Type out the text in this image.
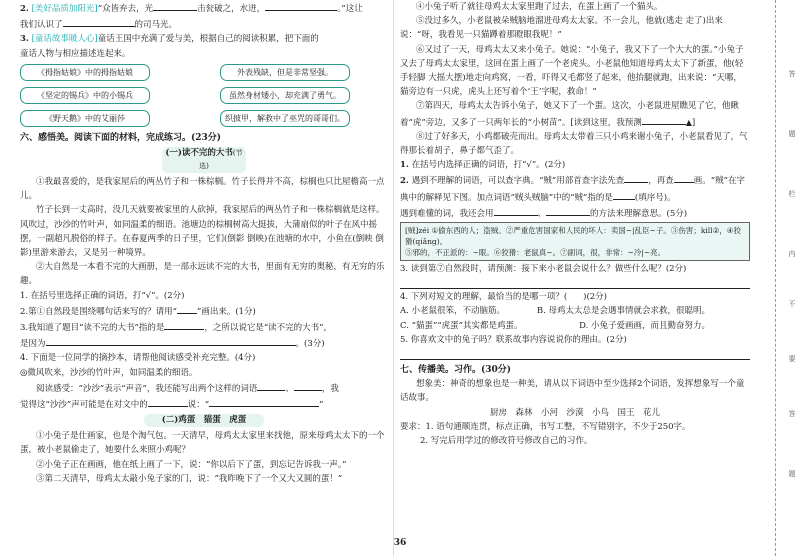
2. [美好品质加阳光]“众皆弃去，光	击瓮破之，水迸，	。”这让
我们认识了	的司马光。

3. [童话故事暖人心]童话王国中充满了爱与美，根据自己的阅读积累，把下面的
童话人物与相应描述连起来。

《拇指姑娘》中的拇指姑娘	外表残缺，但是非常坚强。
《坚定的锡兵》中的小锡兵	虽然身材矮小，却充满了勇气。
《野天鹅》中的艾丽莎	织披甲，解救中了巫咒的哥哥们。

六、感悟美。阅读下面的材料，完成练习。(23分)

(一)读不完的大书(节选)

①我最喜爱的，是我家屋后的两丛竹子和一株棕榈。竹子长得并不高，棕榈也只比屋檐高一点儿。

竹子长到一丈高时，没几天就要被家里的人砍掉，我家屋后的两丛竹子和一株棕榈就是这样。风吹过，沙沙的竹叶声，如同温柔的细语。池塘边的棕榈树高大挺拔，大蒲扇似的叶子在风中摇摆，一副超凡脱俗的样子。在春夏两季的日子里，它们(倒影 倒映)在池塘的水中，小鱼在(倒映 倒影)里游来游去，又是另一种境界。

②大自然是一本看不完的大画册，是一部永远读不完的大书，里面有无穷的奥秘，有无穷的乐趣。

1. 在括号里选择正确的词语，打“√”。(2分)

2.第①自然段是围绕哪句话来写的？请用“ ”画出来。(1分)

3.我知道了题目“读不完的大书”指的是	，之所以说它是“读不完的大书”，
是因为	。(3分)

4. 下面是一位同学的摘抄本，请帮他阅读感受补充完整。(4分)

◎微风吹来，沙沙的竹叶声，如同温柔的细语。

阅读感受：“沙沙”表示“声音”，我还能写出两个这样的词语	、	，我
觉得这“沙沙”声可能是在对文中的	说：“	”

(二)鸡蛋　猫蛋　虎蛋

①小兔子是仕画家，也是个淘气包。一天清早，母鸡太太家里来找他，原来母鸡太太下的一个蛋，被小老鼠偷走了，她要什么来照小鸡呢？

②小兔子正在画画，他在纸上画了一下，说：“你以后下了蛋，到忘记告诉我一声。”

③第二天清早，母鸡太太敲小兔子家的门，说：“我昨晚下了一个又大又圆的蛋！”

④小兔子听了就往母鸡太太家里跑了过去，在蛋上画了一个猫头。

⑤没过多久，小老鼠被朵贼脑地溜进母鸡太太家。不一会儿，他就(逃走 走了)出来说：“呀，我看见一只猫蹲着那瞪眼我呢！”

⑥又过了一天，母鸡太太又来小兔子。她说：“小兔子，我又下了一个大大的蛋。”小兔子又去了母鸡太太家里，这回在蛋上画了一个老虎头。小老鼠他知道母鸡太太下了新蛋，他(轻手轻脚 大摇大摆)地走向鸡窝，一看，吓得又毛都竖了起来，他抬腿就跑，出来说：“天哪，猫旁边有一只虎，虎头上还写着个‘王’字呢，救命！”

⑦第四天，母鸡太太告诉小兔子，她又下了一个蛋。这次，小老鼠进屋瞧见了它，他瞅着“虎”旁边，又多了一只两年长的“小树苗”。[读到这里，我预测	▲]

⑧过了好多天，小鸡都破壳而出。母鸡太太带着三只小鸡来谢小兔子，小老鼠看见了，气得那长着胡子，鼻子都气歪了。

1. 在括号内选择正确的词语，打“√”。(2分)

2. 遇到不理解的词语，可以查字典。“贼”用部首查字法先查	，再查 画。“贼”在字典中的解释见下图。加点词语“贼头贼脑”中的“贼”指的是	(填序号)。
遇到难懂的词，我还会用	、	的方法来理解意思。(5分)

[贼]zéi ①偷东西的人；盗贼。②严重危害国家和人民的坏人：卖国~|乱臣~子。③伤害；kill②，④狡猾(qiǎng)。
⑤邪的，不正派的：~眼。⑥狡猾：老鼠真~。⑦副词，很，非常：~冷|~亮。

3. 读到第⑦自然段时，请预测：接下来小老鼠会说什么？做些什么呢？(2分)

4. 下列对短文的理解，最恰当的是哪一项？( )(2分)

A. 小老鼠很笨，不动脑筋。	B. 母鸡太太总是会遇事情就会求救，很聪明。
C. “猫蛋”“虎蛋”其实都是鸡蛋。	D. 小兔子爱画画，而且勤奋努力。

5. 你喜欢文中的兔子吗？联系故事内容说说你的理由。(2分)

七、传播美。习作。(30分)

想象美：神奇的想象也是一种美，请从以下词语中至少选择2个词语，发挥想象写一个童话故事。

厨房　森林　小河　沙漠　小鸟　国王　花儿

要求：1. 语句通顺连贯，标点正确，书写工整，不写错别字，不少于250字。

2. 写完后用学过的修改符号修改自己的习作。

答
题
栏
内
不
要
答
题
36
